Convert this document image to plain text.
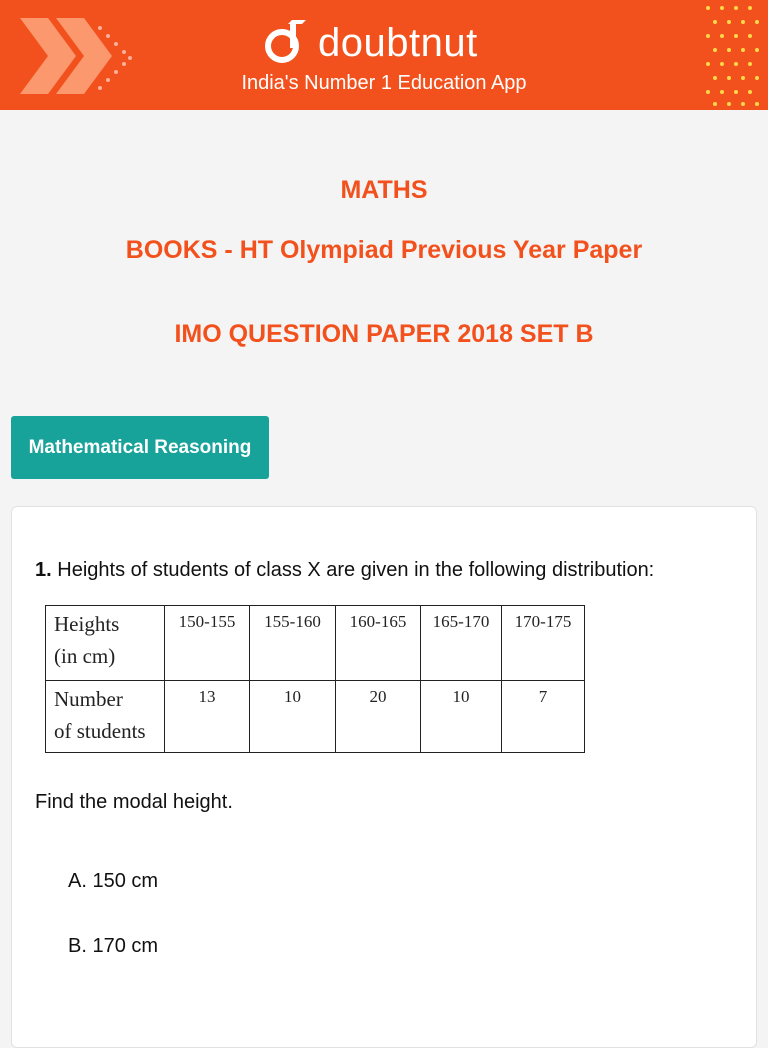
doubtnut
India's Number 1 Education App
MATHS
BOOKS - HT Olympiad Previous Year Paper
IMO QUESTION PAPER 2018 SET B
Mathematical Reasoning
1. Heights of students of class X are given in the following distribution:
Heights
(in cm)	150-155	155-160	160-165	165-170	170-175

Number
of students	13	10	20	10	7
Find the modal height.
A. 150 cm
B. 170 cm
